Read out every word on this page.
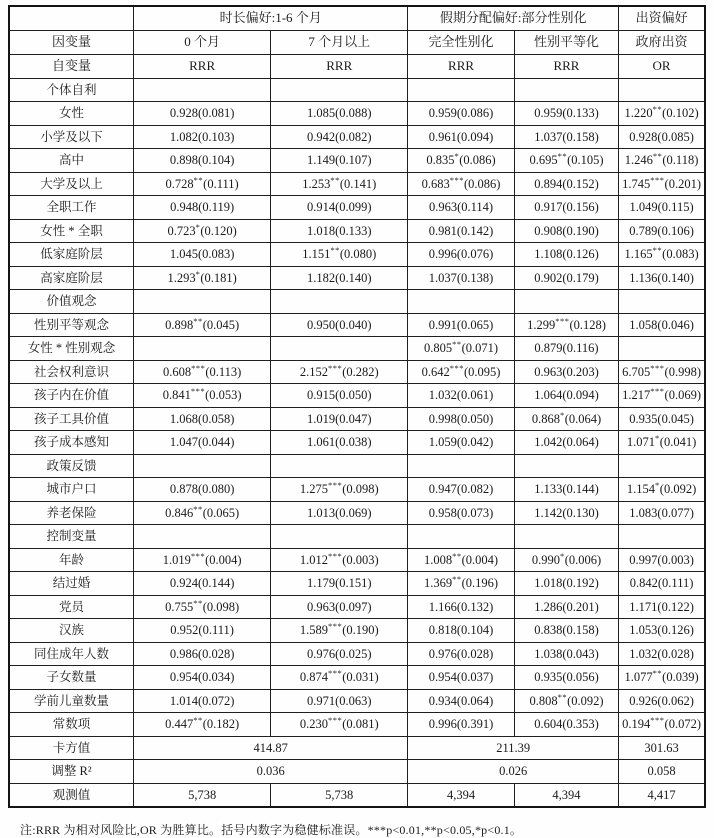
	时长偏好:1-6 个月		假期分配偏好:部分性别化		出资偏好
因变量	0 个月	7 个月以上	完全性别化	性别平等化	政府出资
自变量	RRR	RRR	RRR	RRR	OR
个体自利					
女性	0.928(0.081)	1.085(0.088)	0.959(0.086)	0.959(0.133)	1.220**(0.102)
小学及以下	1.082(0.103)	0.942(0.082)	0.961(0.094)	1.037(0.158)	0.928(0.085)
高中	0.898(0.104)	1.149(0.107)	0.835*(0.086)	0.695**(0.105)	1.246**(0.118)
大学及以上	0.728**(0.111)	1.253**(0.141)	0.683***(0.086)	0.894(0.152)	1.745***(0.201)
全职工作	0.948(0.119)	0.914(0.099)	0.963(0.114)	0.917(0.156)	1.049(0.115)
女性 * 全职	0.723*(0.120)	1.018(0.133)	0.981(0.142)	0.908(0.190)	0.789(0.106)
低家庭阶层	1.045(0.083)	1.151**(0.080)	0.996(0.076)	1.108(0.126)	1.165**(0.083)
高家庭阶层	1.293*(0.181)	1.182(0.140)	1.037(0.138)	0.902(0.179)	1.136(0.140)
价值观念					
性别平等观念	0.898**(0.045)	0.950(0.040)	0.991(0.065)	1.299***(0.128)	1.058(0.046)
女性 * 性别观念			0.805**(0.071)	0.879(0.116)	
社会权利意识	0.608***(0.113)	2.152***(0.282)	0.642***(0.095)	0.963(0.203)	6.705***(0.998)
孩子内在价值	0.841***(0.053)	0.915(0.050)	1.032(0.061)	1.064(0.094)	1.217***(0.069)
孩子工具价值	1.068(0.058)	1.019(0.047)	0.998(0.050)	0.868*(0.064)	0.935(0.045)
孩子成本感知	1.047(0.044)	1.061(0.038)	1.059(0.042)	1.042(0.064)	1.071*(0.041)
政策反馈					
城市户口	0.878(0.080)	1.275***(0.098)	0.947(0.082)	1.133(0.144)	1.154*(0.092)
养老保险	0.846**(0.065)	1.013(0.069)	0.958(0.073)	1.142(0.130)	1.083(0.077)
控制变量					
年龄	1.019***(0.004)	1.012***(0.003)	1.008**(0.004)	0.990*(0.006)	0.997(0.003)
结过婚	0.924(0.144)	1.179(0.151)	1.369**(0.196)	1.018(0.192)	0.842(0.111)
党员	0.755**(0.098)	0.963(0.097)	1.166(0.132)	1.286(0.201)	1.171(0.122)
汉族	0.952(0.111)	1.589***(0.190)	0.818(0.104)	0.838(0.158)	1.053(0.126)
同住成年人数	0.986(0.028)	0.976(0.025)	0.976(0.028)	1.038(0.043)	1.032(0.028)
子女数量	0.954(0.034)	0.874***(0.031)	0.954(0.037)	0.935(0.056)	1.077**(0.039)
学前儿童数量	1.014(0.072)	0.971(0.063)	0.934(0.064)	0.808**(0.092)	0.926(0.062)
常数项	0.447**(0.182)	0.230***(0.081)	0.996(0.391)	0.604(0.353)	0.194***(0.072)
卡方值	414.87		211.39		301.63
调整 R²	0.036		0.026		0.058
观测值	5,738	5,738	4,394	4,394	4,417
注:RRR 为相对风险比,OR 为胜算比。括号内数字为稳健标准误。***p<0.01,**p<0.05,*p<0.1。
